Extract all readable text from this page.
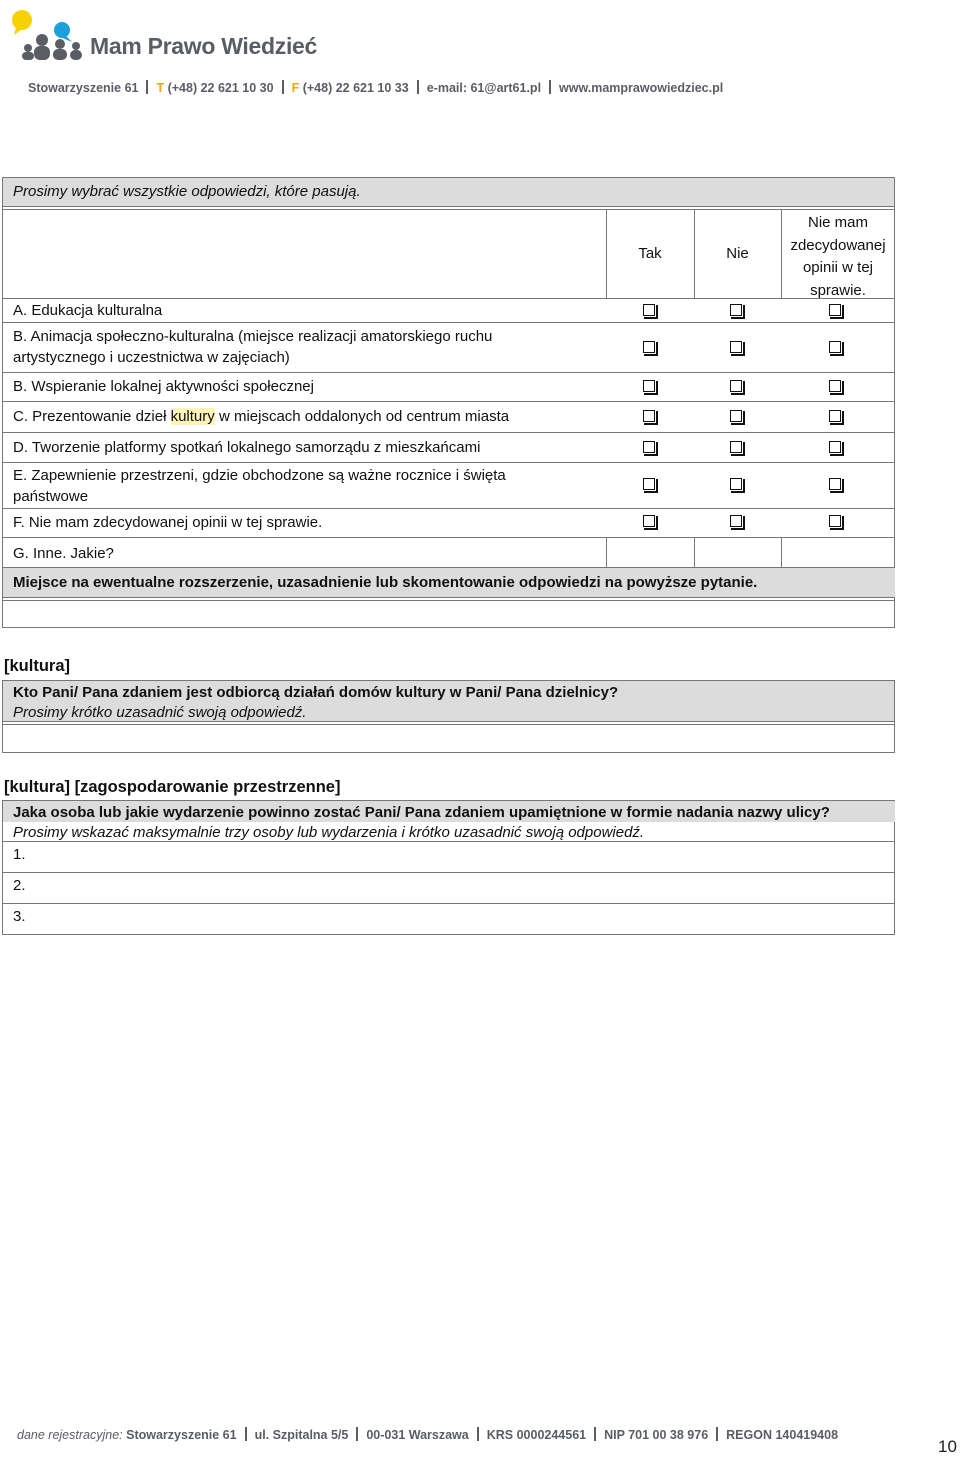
Mam Prawo Wiedzieć
Stowarzyszenie 61 T (+48) 22 621 10 30 F (+48) 22 621 10 33 e-mail: 61@art61.pl www.mamprawowiedziec.pl
Prosimy wybrać wszystkie odpowiedzi, które pasują.
Tak	Nie
Nie mam
zdecydowanej
opinii w tej
sprawie.
A. Edukacja kulturalna
B. Animacja społeczno-kulturalna (miejsce realizacji amatorskiego ruchu
artystycznego i uczestnictwa w zajęciach)
B. Wspieranie lokalnej aktywności społecznej
C. Prezentowanie dzieł kultury w miejscach oddalonych od centrum miasta
D. Tworzenie platformy spotkań lokalnego samorządu z mieszkańcami
E. Zapewnienie przestrzeni, gdzie obchodzone są ważne rocznice i święta
państwowe
F. Nie mam zdecydowanej opinii w tej sprawie.
G. Inne. Jakie?
Miejsce na ewentualne rozszerzenie, uzasadnienie lub skomentowanie odpowiedzi na powyższe pytanie.
[kultura]
Kto Pani/ Pana zdaniem jest odbiorcą działań domów kultury w Pani/ Pana dzielnicy?
Prosimy krótko uzasadnić swoją odpowiedź.
[kultura] [zagospodarowanie przestrzenne]
Jaka osoba lub jakie wydarzenie powinno zostać Pani/ Pana zdaniem upamiętnione w formie nadania nazwy ulicy?
Prosimy wskazać maksymalnie trzy osoby lub wydarzenia i krótko uzasadnić swoją odpowiedź.
1.
2.
3.
dane rejestracyjne: Stowarzyszenie 61 ul. Szpitalna 5/5 00-031 Warszawa KRS 0000244561 NIP 701 00 38 976 REGON 140419408
10
